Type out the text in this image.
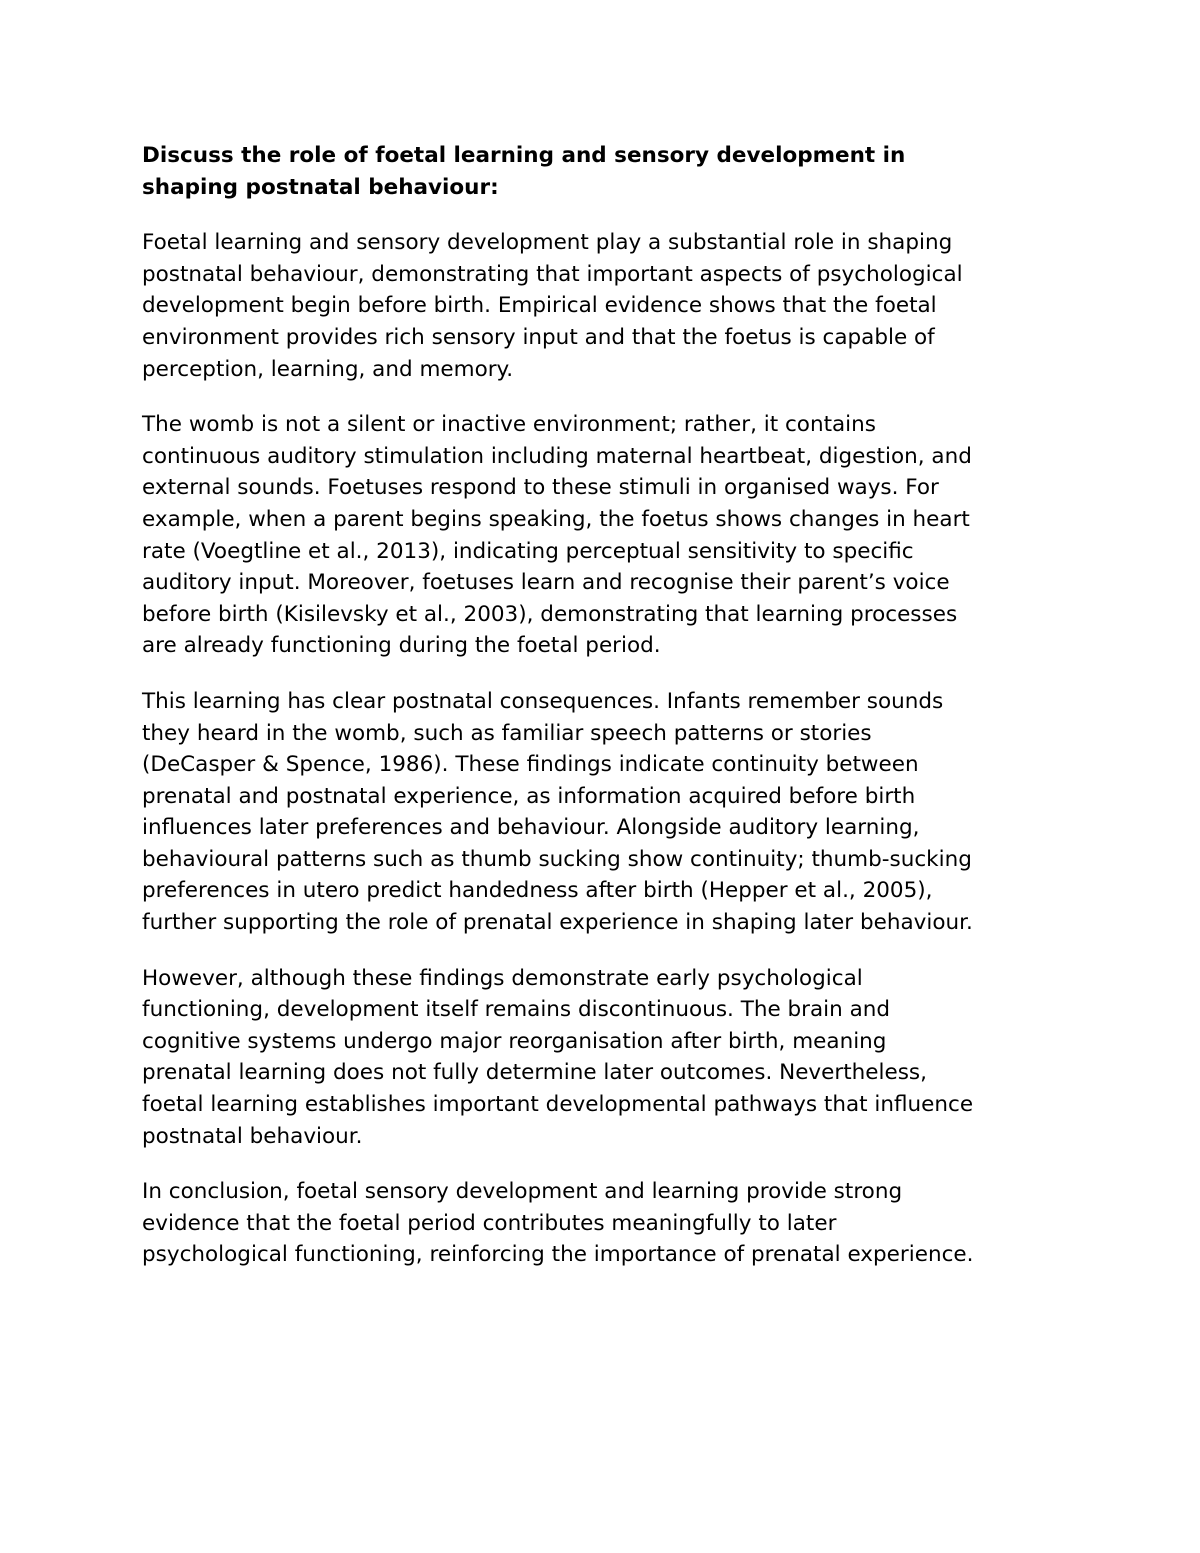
Discuss the role of foetal learning and sensory development in
shaping postnatal behaviour:
Foetal learning and sensory development play a substantial role in shaping
postnatal behaviour, demonstrating that important aspects of psychological
development begin before birth. Empirical evidence shows that the foetal
environment provides rich sensory input and that the foetus is capable of
perception, learning, and memory.
The womb is not a silent or inactive environment; rather, it contains
continuous auditory stimulation including maternal heartbeat, digestion, and
external sounds. Foetuses respond to these stimuli in organised ways. For
example, when a parent begins speaking, the foetus shows changes in heart
rate (Voegtline et al., 2013), indicating perceptual sensitivity to specific
auditory input. Moreover, foetuses learn and recognise their parent’s voice
before birth (Kisilevsky et al., 2003), demonstrating that learning processes
are already functioning during the foetal period.
This learning has clear postnatal consequences. Infants remember sounds
they heard in the womb, such as familiar speech patterns or stories
(DeCasper & Spence, 1986). These findings indicate continuity between
prenatal and postnatal experience, as information acquired before birth
influences later preferences and behaviour. Alongside auditory learning,
behavioural patterns such as thumb sucking show continuity; thumb-sucking
preferences in utero predict handedness after birth (Hepper et al., 2005),
further supporting the role of prenatal experience in shaping later behaviour.
However, although these findings demonstrate early psychological
functioning, development itself remains discontinuous. The brain and
cognitive systems undergo major reorganisation after birth, meaning
prenatal learning does not fully determine later outcomes. Nevertheless,
foetal learning establishes important developmental pathways that influence
postnatal behaviour.
In conclusion, foetal sensory development and learning provide strong
evidence that the foetal period contributes meaningfully to later
psychological functioning, reinforcing the importance of prenatal experience.
